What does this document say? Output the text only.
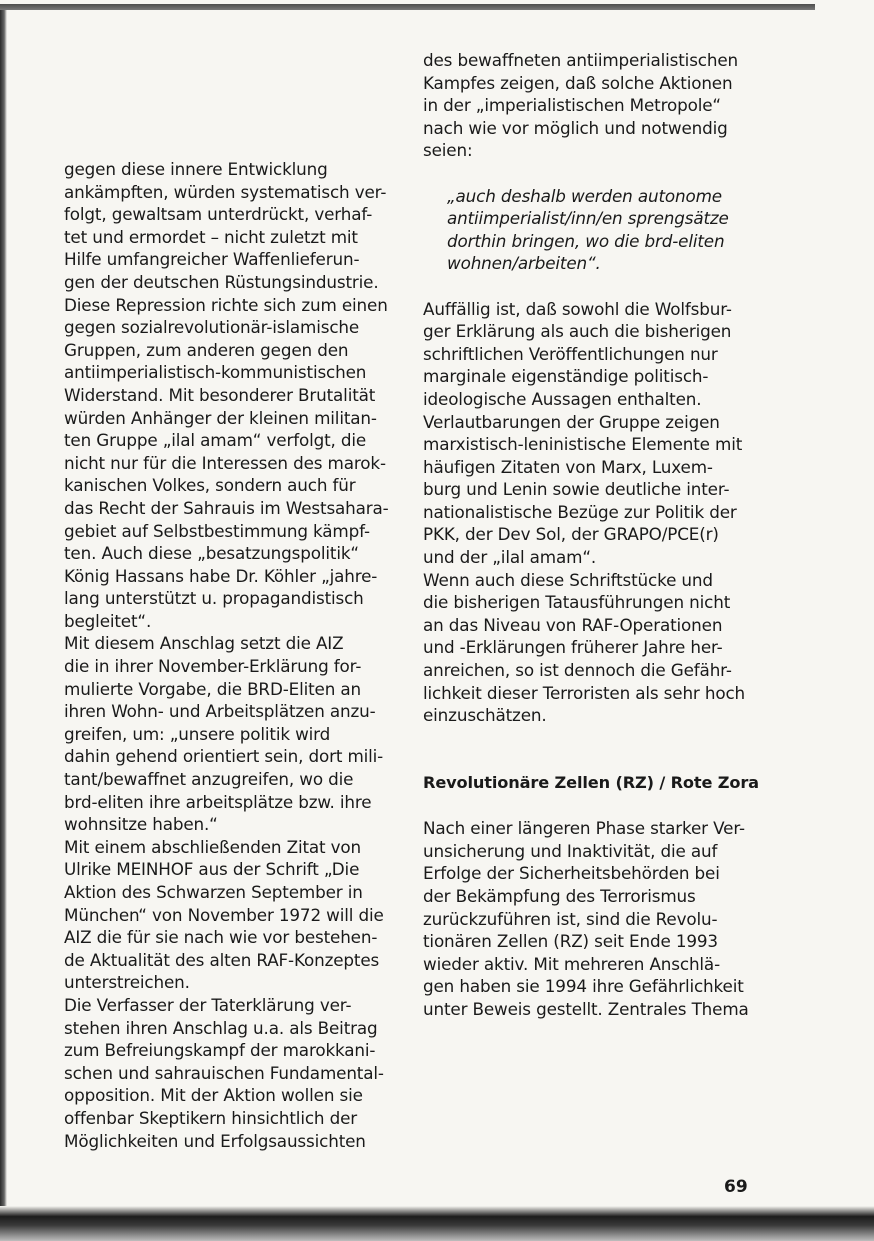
gegen diese innere Entwicklung
ankämpften, würden systematisch ver-
folgt, gewaltsam unterdrückt, verhaf-
tet und ermordet – nicht zuletzt mit
Hilfe umfangreicher Waffenlieferun-
gen der deutschen Rüstungsindustrie.
Diese Repression richte sich zum einen
gegen sozialrevolutionär-islamische
Gruppen, zum anderen gegen den
antiimperialistisch-kommunistischen
Widerstand. Mit besonderer Brutalität
würden Anhänger der kleinen militan-
ten Gruppe „ilal amam“ verfolgt, die
nicht nur für die Interessen des marok-
kanischen Volkes, sondern auch für
das Recht der Sahrauis im Westsahara-
gebiet auf Selbstbestimmung kämpf-
ten. Auch diese „besatzungspolitik“
König Hassans habe Dr. Köhler „jahre-
lang unterstützt u. propagandistisch
begleitet“.
Mit diesem Anschlag setzt die AIZ
die in ihrer November-Erklärung for-
mulierte Vorgabe, die BRD-Eliten an
ihren Wohn- und Arbeitsplätzen anzu-
greifen, um: „unsere politik wird
dahin gehend orientiert sein, dort mili-
tant/bewaffnet anzugreifen, wo die
brd-eliten ihre arbeitsplätze bzw. ihre
wohnsitze haben.“
Mit einem abschließenden Zitat von
Ulrike MEINHOF aus der Schrift „Die
Aktion des Schwarzen September in
München“ von November 1972 will die
AIZ die für sie nach wie vor bestehen-
de Aktualität des alten RAF-Konzeptes
unterstreichen.
Die Verfasser der Taterklärung ver-
stehen ihren Anschlag u.a. als Beitrag
zum Befreiungskampf der marokkani-
schen und sahrauischen Fundamental-
opposition. Mit der Aktion wollen sie
offenbar Skeptikern hinsichtlich der
Möglichkeiten und Erfolgsaussichten
des bewaffneten antiimperialistischen
Kampfes zeigen, daß solche Aktionen
in der „imperialistischen Metropole“
nach wie vor möglich und notwendig
seien:
„auch deshalb werden autonome
antiimperialist/inn/en sprengsätze
dorthin bringen, wo die brd-eliten
wohnen/arbeiten“.
Auffällig ist, daß sowohl die Wolfsbur-
ger Erklärung als auch die bisherigen
schriftlichen Veröffentlichungen nur
marginale eigenständige politisch-
ideologische Aussagen enthalten.
Verlautbarungen der Gruppe zeigen
marxistisch-leninistische Elemente mit
häufigen Zitaten von Marx, Luxem-
burg und Lenin sowie deutliche inter-
nationalistische Bezüge zur Politik der
PKK, der Dev Sol, der GRAPO/PCE(r)
und der „ilal amam“.
Wenn auch diese Schriftstücke und
die bisherigen Tatausführungen nicht
an das Niveau von RAF-Operationen
und -Erklärungen früherer Jahre her-
anreichen, so ist dennoch die Gefähr-
lichkeit dieser Terroristen als sehr hoch
einzuschätzen.
Revolutionäre Zellen (RZ) / Rote Zora
Nach einer längeren Phase starker Ver-
unsicherung und Inaktivität, die auf
Erfolge der Sicherheitsbehörden bei
der Bekämpfung des Terrorismus
zurückzuführen ist, sind die Revolu-
tionären Zellen (RZ) seit Ende 1993
wieder aktiv. Mit mehreren Anschlä-
gen haben sie 1994 ihre Gefährlichkeit
unter Beweis gestellt. Zentrales Thema
69
